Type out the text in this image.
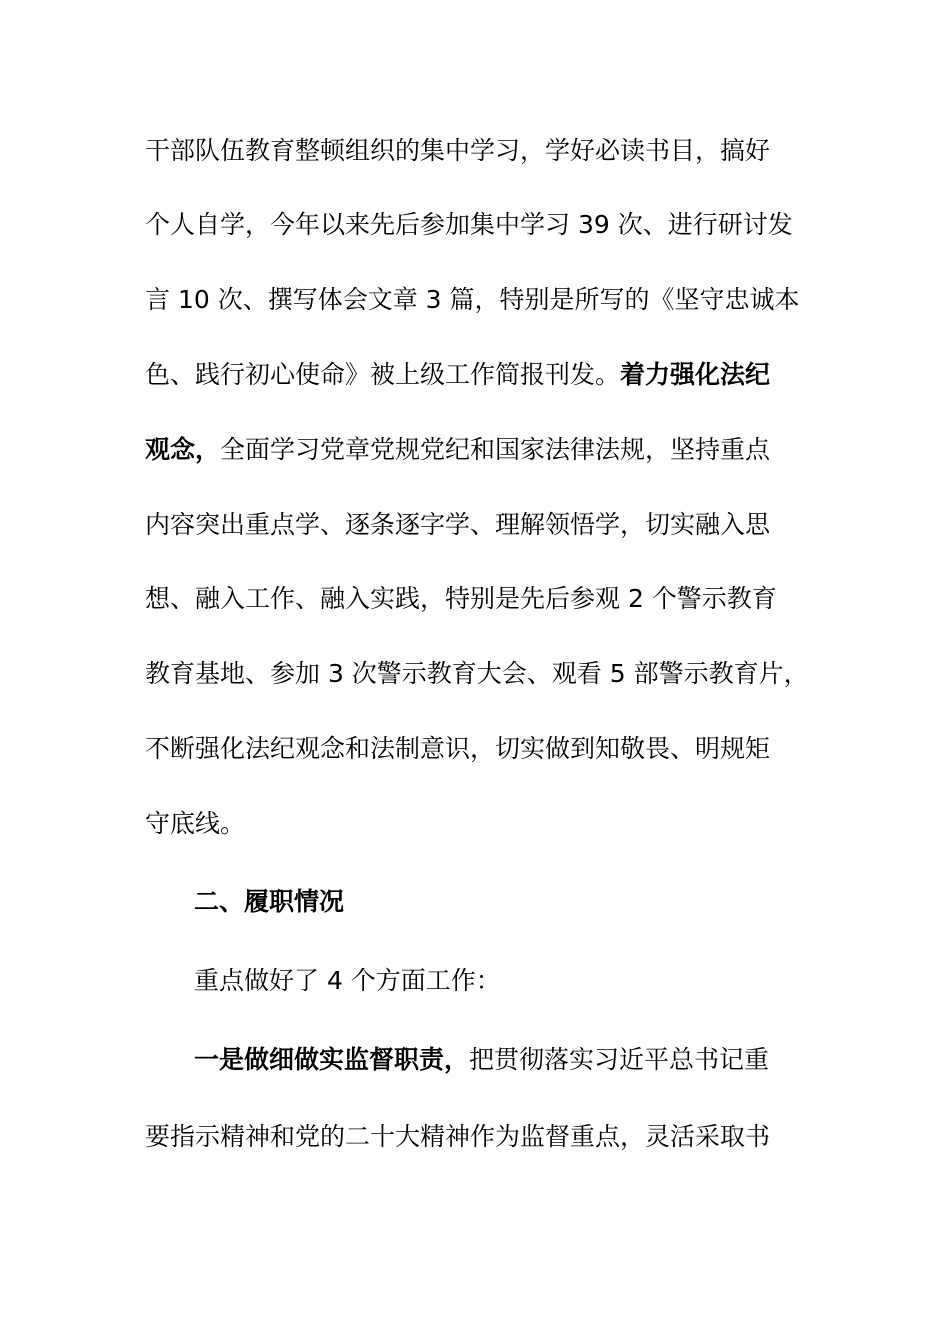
干部队伍教育整顿组织的集中学习，学好必读书目，搞好
个人自学，今年以来先后参加集中学习 39 次、进行研讨发
言 10 次、撰写体会文章 3 篇，特别是所写的《坚守忠诚本
色、践行初心使命》被上级工作简报刊发。着力强化法纪
观念，全面学习党章党规党纪和国家法律法规，坚持重点
内容突出重点学、逐条逐字学、理解领悟学，切实融入思
想、融入工作、融入实践，特别是先后参观 2 个警示教育
教育基地、参加 3 次警示教育大会、观看 5 部警示教育片，
不断强化法纪观念和法制意识，切实做到知敬畏、明规矩
守底线。
二、履职情况
重点做好了 4 个方面工作：
一是做细做实监督职责，把贯彻落实习近平总书记重
要指示精神和党的二十大精神作为监督重点，灵活采取书
